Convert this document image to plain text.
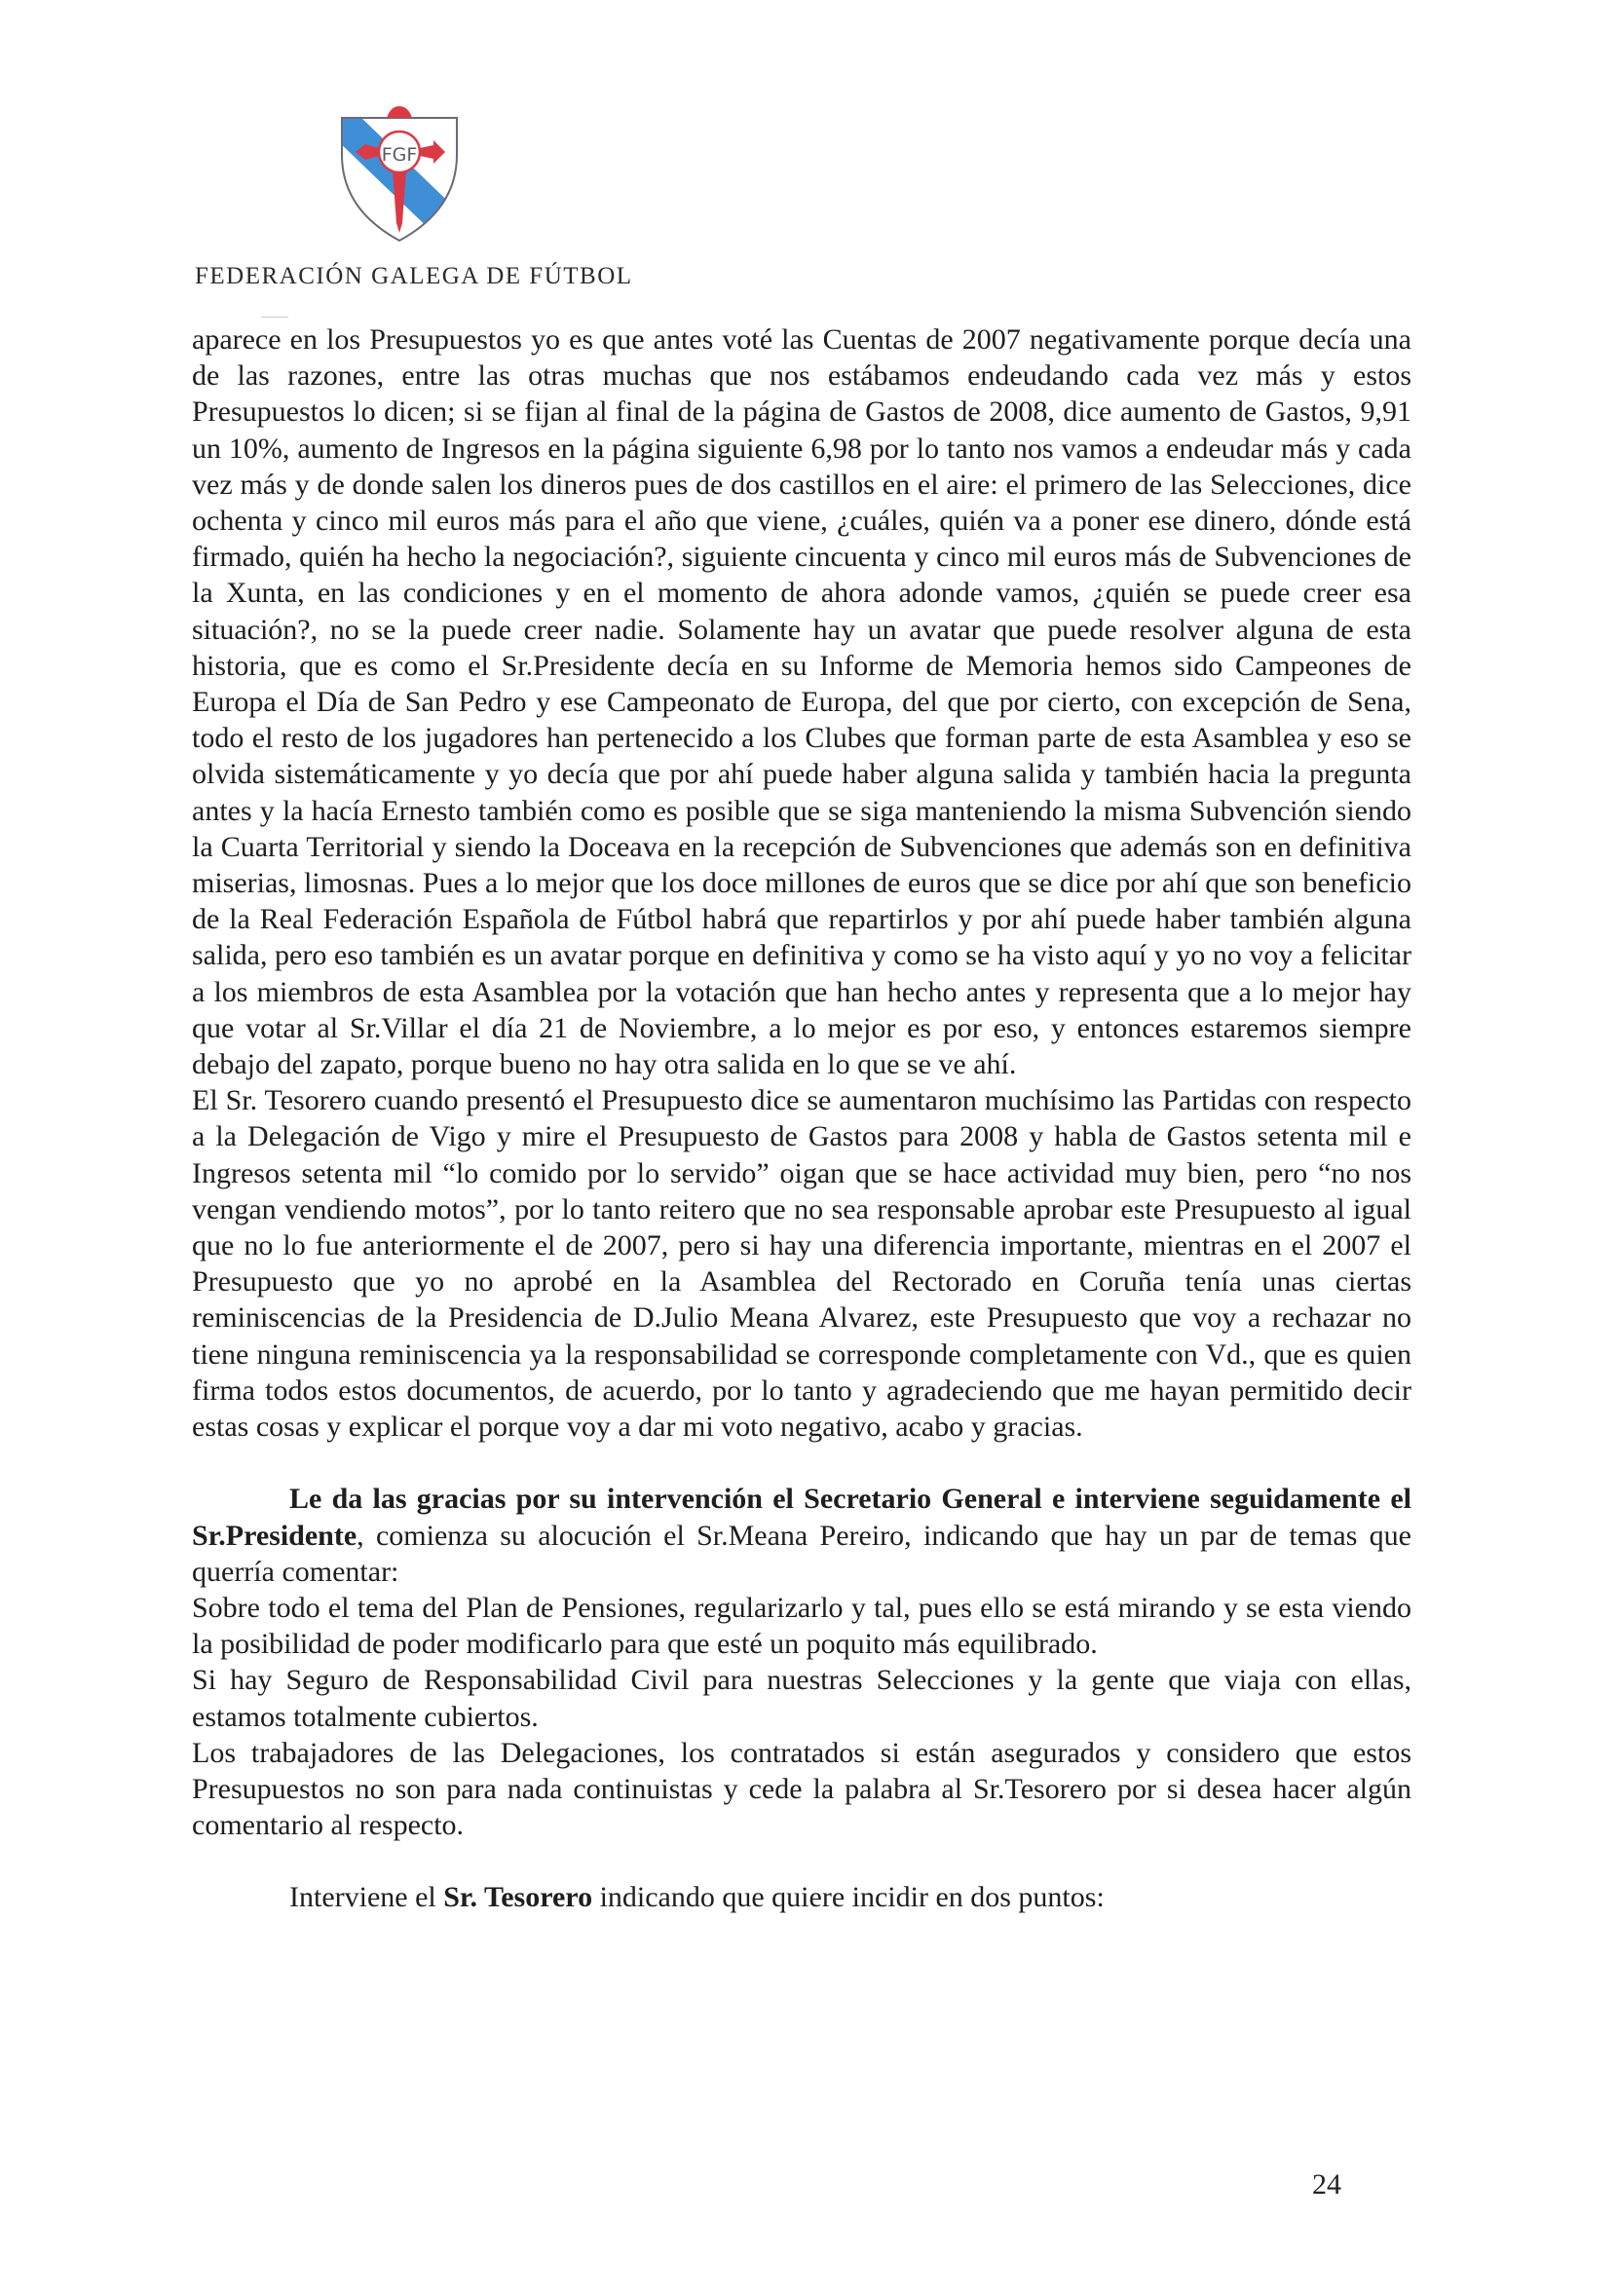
FGF
FEDERACIÓN GALEGA DE FÚTBOL

aparece en los Presupuestos yo es que antes voté las Cuentas de 2007 negativamente porque decía una de las razones, entre las otras muchas que nos estábamos endeudando cada vez más y estos Presupuestos lo dicen; si se fijan al final de la página de Gastos de 2008, dice aumento de Gastos, 9,91 un 10%, aumento de Ingresos en la página siguiente 6,98 por lo tanto nos vamos a endeudar más y cada vez más y de donde salen los dineros pues de dos castillos en el aire: el primero de las Selecciones, dice ochenta y cinco mil euros más para el año que viene, ¿cuáles, quién va a poner ese dinero, dónde está firmado, quién ha hecho la negociación?, siguiente cincuenta y cinco mil euros más de Subvenciones de la Xunta, en las condiciones y en el momento de ahora adonde vamos, ¿quién se puede creer esa situación?, no se la puede creer nadie. Solamente hay un avatar que puede resolver alguna de esta historia, que es como el Sr.Presidente decía en su Informe de Memoria hemos sido Campeones de Europa el Día de San Pedro y ese Campeonato de Europa, del que por cierto, con excepción de Sena, todo el resto de los jugadores han pertenecido a los Clubes que forman parte de esta Asamblea y eso se olvida sistemáticamente y yo decía que por ahí puede haber alguna salida y también hacia la pregunta antes y la hacía Ernesto también como es posible que se siga manteniendo la misma Subvención siendo la Cuarta Territorial y siendo la Doceava en la recepción de Subvenciones que además son en definitiva miserias, limosnas. Pues a lo mejor que los doce millones de euros que se dice por ahí que son beneficio de la Real Federación Española de Fútbol habrá que repartirlos y por ahí puede haber también alguna salida, pero eso también es un avatar porque en definitiva y como se ha visto aquí y yo no voy a felicitar a los miembros de esta Asamblea por la votación que han hecho antes y representa que a lo mejor hay que votar al Sr.Villar el día 21 de Noviembre, a lo mejor es por eso, y entonces estaremos siempre debajo del zapato, porque bueno no hay otra salida en lo que se ve ahí.

El Sr. Tesorero cuando presentó el Presupuesto dice se aumentaron muchísimo las Partidas con respecto a la Delegación de Vigo y mire el Presupuesto de Gastos para 2008 y habla de Gastos setenta mil e Ingresos setenta mil “lo comido por lo servido” oigan que se hace actividad muy bien, pero “no nos vengan vendiendo motos”, por lo tanto reitero que no sea responsable aprobar este Presupuesto al igual que no lo fue anteriormente el de 2007, pero si hay una diferencia importante, mientras en el 2007 el Presupuesto que yo no aprobé en la Asamblea del Rectorado en Coruña tenía unas ciertas reminiscencias de la Presidencia de D.Julio Meana Alvarez, este Presupuesto que voy a rechazar no tiene ninguna reminiscencia ya la responsabilidad se corresponde completamente con Vd., que es quien firma todos estos documentos, de acuerdo, por lo tanto y agradeciendo que me hayan permitido decir estas cosas y explicar el porque voy a dar mi voto negativo, acabo y gracias.

Le da las gracias por su intervención el Secretario General e interviene seguidamente el Sr.Presidente, comienza su alocución el Sr.Meana Pereiro, indicando que hay un par de temas que querría comentar:

Sobre todo el tema del Plan de Pensiones, regularizarlo y tal, pues ello se está mirando y se esta viendo la posibilidad de poder modificarlo para que esté un poquito más equilibrado.

Si hay Seguro de Responsabilidad Civil para nuestras Selecciones y la gente que viaja con ellas, estamos totalmente cubiertos.

Los trabajadores de las Delegaciones, los contratados si están asegurados y considero que estos Presupuestos no son para nada continuistas y cede la palabra al Sr.Tesorero por si desea hacer algún comentario al respecto.

Interviene el Sr. Tesorero indicando que quiere incidir en dos puntos:

24
